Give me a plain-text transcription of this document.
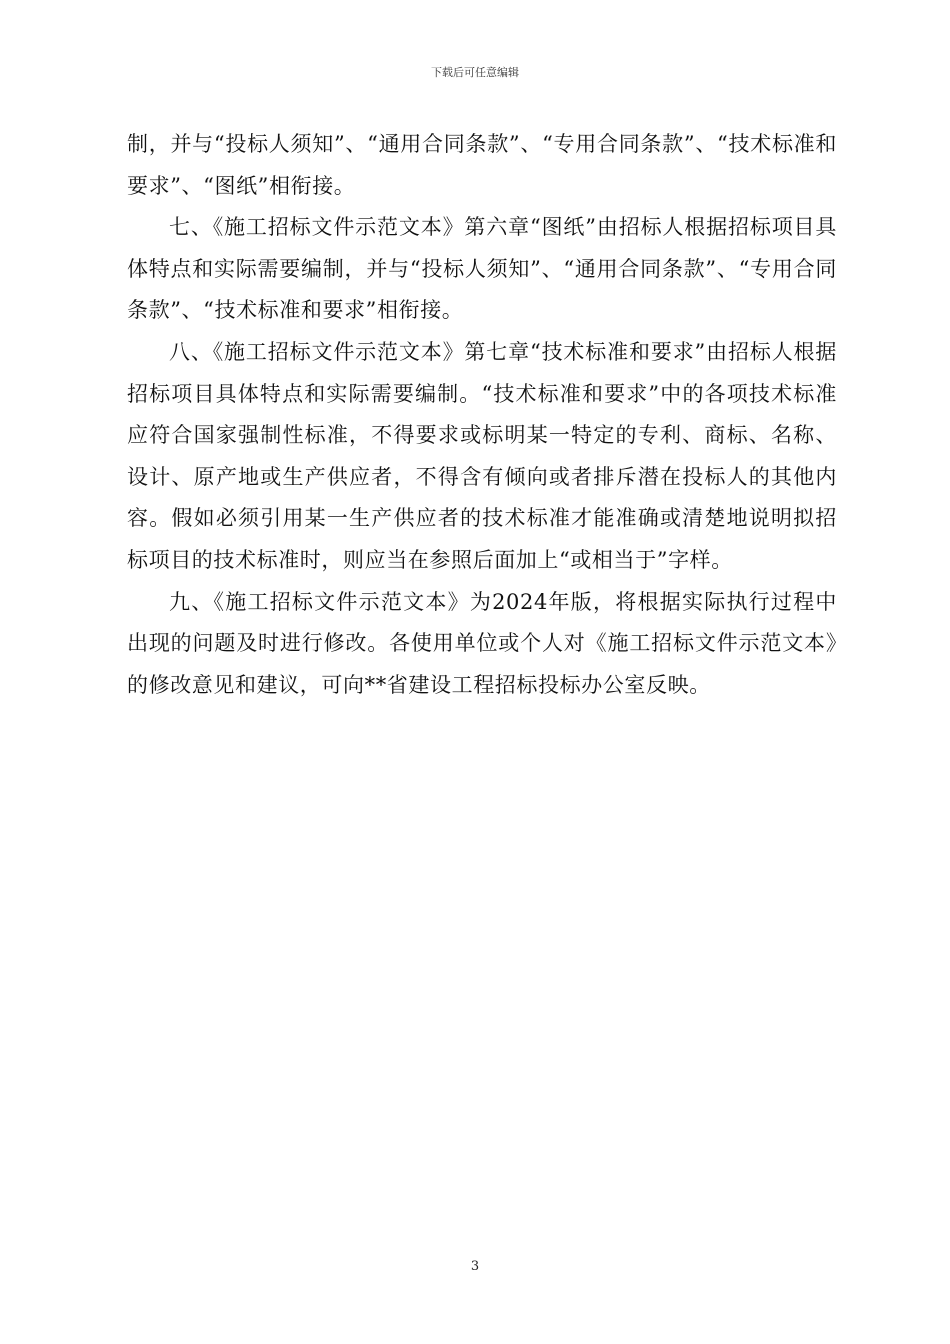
下载后可任意编辑

制，并与“投标人须知”、“通用合同条款”、“专用合同条款”、“技术标准和要求”、“图纸”相衔接。

七、《施工招标文件示范文本》第六章“图纸”由招标人根据招标项目具体特点和实际需要编制，并与“投标人须知”、“通用合同条款”、“专用合同条款”、“技术标准和要求”相衔接。

八、《施工招标文件示范文本》第七章“技术标准和要求”由招标人根据招标项目具体特点和实际需要编制。“技术标准和要求”中的各项技术标准应符合国家强制性标准，不得要求或标明某一特定的专利、商标、名称、设计、原产地或生产供应者，不得含有倾向或者排斥潜在投标人的其他内容。假如必须引用某一生产供应者的技术标准才能准确或清楚地说明拟招标项目的技术标准时，则应当在参照后面加上“或相当于”字样。

九、《施工招标文件示范文本》为2024年版，将根据实际执行过程中出现的问题及时进行修改。各使用单位或个人对《施工招标文件示范文本》的修改意见和建议，可向**省建设工程招标投标办公室反映。

3
